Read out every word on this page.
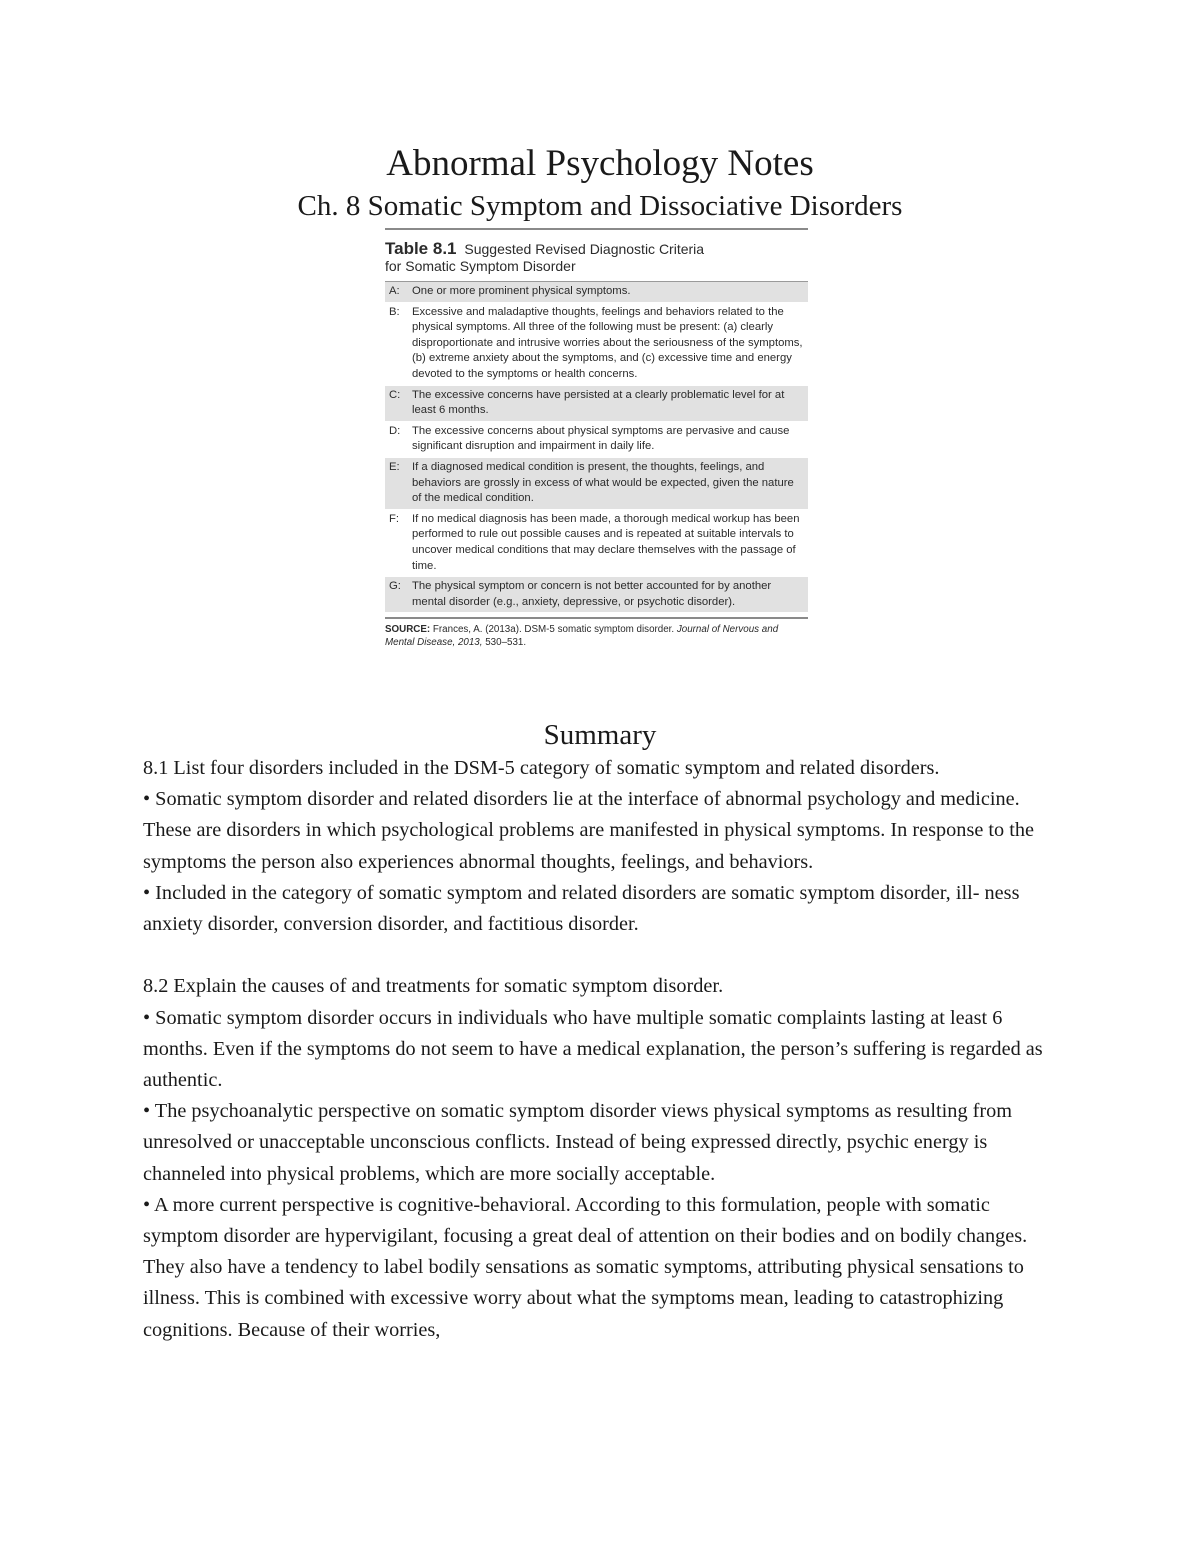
Abnormal Psychology Notes
Ch. 8 Somatic Symptom and Dissociative Disorders
Table 8.1 Suggested Revised Diagnostic Criteria
for Somatic Symptom Disorder
A:	One or more prominent physical symptoms.
B:	Excessive and maladaptive thoughts, feelings and behaviors related to the physical symptoms. All three of the following must be present: (a) clearly disproportionate and intrusive worries about the seriousness of the symptoms, (b) extreme anxiety about the symptoms, and (c) excessive time and energy devoted to the symptoms or health concerns.
C:	The excessive concerns have persisted at a clearly problematic level for at least 6 months.
D:	The excessive concerns about physical symptoms are pervasive and cause significant disruption and impairment in daily life.
E:	If a diagnosed medical condition is present, the thoughts, feelings, and behaviors are grossly in excess of what would be expected, given the nature of the medical condition.
F:	If no medical diagnosis has been made, a thorough medical workup has been performed to rule out possible causes and is repeated at suitable intervals to uncover medical conditions that may declare themselves with the passage of time.
G: The physical symptom or concern is not better accounted for by another mental disorder (e.g., anxiety, depressive, or psychotic disorder).
SOURCE: Frances, A. (2013a). DSM-5 somatic symptom disorder. Journal of Nervous and Mental Disease, 2013, 530–531.
Summary

8.1 List four disorders included in the DSM-5 category of somatic symptom and related disorders.

• Somatic symptom disorder and related disorders lie at the interface of abnormal psychology and medicine. These are disorders in which psychological problems are manifested in physical symptoms. In response to the symptoms the person also experiences abnormal thoughts, feelings, and behaviors.

• Included in the category of somatic symptom and related disorders are somatic symptom disorder, ill- ness anxiety disorder, conversion disorder, and factitious disorder.

8.2 Explain the causes of and treatments for somatic symptom disorder.

• Somatic symptom disorder occurs in individuals who have multiple somatic complaints lasting at least 6 months. Even if the symptoms do not seem to have a medical explanation, the person’s suffering is regarded as authentic.

• The psychoanalytic perspective on somatic symptom disorder views physical symptoms as resulting from unresolved or unacceptable unconscious conflicts. Instead of being expressed directly, psychic energy is channeled into physical problems, which are more socially acceptable.

• A more current perspective is cognitive-behavioral. According to this formulation, people with somatic symptom disorder are hypervigilant, focusing a great deal of attention on their bodies and on bodily changes. They also have a tendency to label bodily sensations as somatic symptoms, attributing physical sensations to illness. This is combined with excessive worry about what the symptoms mean, leading to catastrophizing cognitions. Because of their worries,
